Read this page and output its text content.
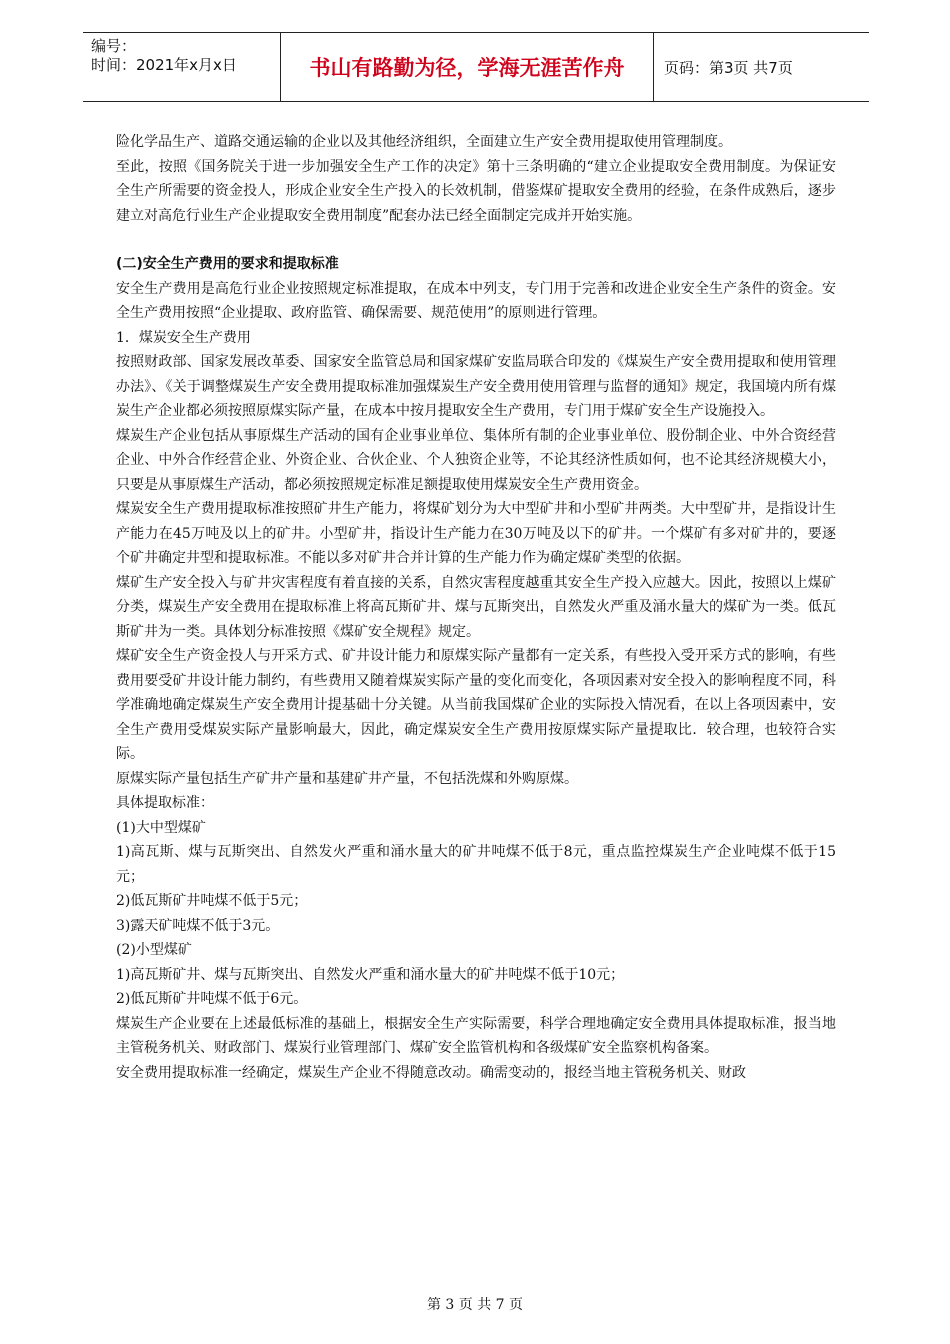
编号：
时间：2021年x月x日	书山有路勤为径，学海无涯苦作舟	页码：第3页 共7页

险化学品生产、道路交通运输的企业以及其他经济组织，全面建立生产安全费用提取使用管理制度。

至此，按照《国务院关于进一步加强安全生产工作的决定》第十三条明确的“建立企业提取安全费用制度。为保证安全生产所需要的资金投人，形成企业安全生产投入的长效机制，借鉴煤矿提取安全费用的经验，在条件成熟后，逐步建立对高危行业生产企业提取安全费用制度”配套办法已经全面制定完成并开始实施。

(二)安全生产费用的要求和提取标准

安全生产费用是高危行业企业按照规定标准提取，在成本中列支，专门用于完善和改进企业安全生产条件的资金。安全生产费用按照“企业提取、政府监管、确保需要、规范使用”的原则进行管理。

1．煤炭安全生产费用

按照财政部、国家发展改革委、国家安全监管总局和国家煤矿安监局联合印发的《煤炭生产安全费用提取和使用管理办法》、《关于调整煤炭生产安全费用提取标准加强煤炭生产安全费用使用管理与监督的通知》规定，我国境内所有煤炭生产企业都必须按照原煤实际产量，在成本中按月提取安全生产费用，专门用于煤矿安全生产设施投入。

煤炭生产企业包括从事原煤生产活动的国有企业事业单位、集体所有制的企业事业单位、股份制企业、中外合资经营企业、中外合作经营企业、外资企业、合伙企业、个人独资企业等，不论其经济性质如何，也不论其经济规模大小，只要是从事原煤生产活动，都必须按照规定标准足额提取使用煤炭安全生产费用资金。

煤炭安全生产费用提取标准按照矿井生产能力，将煤矿划分为大中型矿井和小型矿井两类。大中型矿井，是指设计生产能力在45万吨及以上的矿井。小型矿井，指设计生产能力在30万吨及以下的矿井。一个煤矿有多对矿井的，要逐个矿井确定井型和提取标准。不能以多对矿井合并计算的生产能力作为确定煤矿类型的依据。

煤矿生产安全投入与矿井灾害程度有着直接的关系，自然灾害程度越重其安全生产投入应越大。因此，按照以上煤矿分类，煤炭生产安全费用在提取标准上将高瓦斯矿井、煤与瓦斯突出，自然发火严重及涌水量大的煤矿为一类。低瓦斯矿井为一类。具体划分标准按照《煤矿安全规程》规定。

煤矿安全生产资金投人与开采方式、矿井设计能力和原煤实际产量都有一定关系，有些投入受开采方式的影响，有些费用要受矿井设计能力制约，有些费用又随着煤炭实际产量的变化而变化，各项因素对安全投入的影响程度不同，科学准确地确定煤炭生产安全费用计提基础十分关键。从当前我国煤矿企业的实际投入情况看，在以上各项因素中，安全生产费用受煤炭实际产量影响最大，因此，确定煤炭安全生产费用按原煤实际产量提取比．较合理，也较符合实际。

原煤实际产量包括生产矿井产量和基建矿井产量，不包括洗煤和外购原煤。

具体提取标准：

(1)大中型煤矿

1)高瓦斯、煤与瓦斯突出、自然发火严重和涌水量大的矿井吨煤不低于8元，重点监控煤炭生产企业吨煤不低于15元；

2)低瓦斯矿井吨煤不低于5元；

3)露天矿吨煤不低于3元。

(2)小型煤矿

1)高瓦斯矿井、煤与瓦斯突出、自然发火严重和涌水量大的矿井吨煤不低于10元；

2)低瓦斯矿井吨煤不低于6元。

煤炭生产企业要在上述最低标准的基础上，根据安全生产实际需要，科学合理地确定安全费用具体提取标准，报当地主管税务机关、财政部门、煤炭行业管理部门、煤矿安全监管机构和各级煤矿安全监察机构备案。

安全费用提取标准一经确定，煤炭生产企业不得随意改动。确需变动的，报经当地主管税务机关、财政

第 3 页 共 7 页
